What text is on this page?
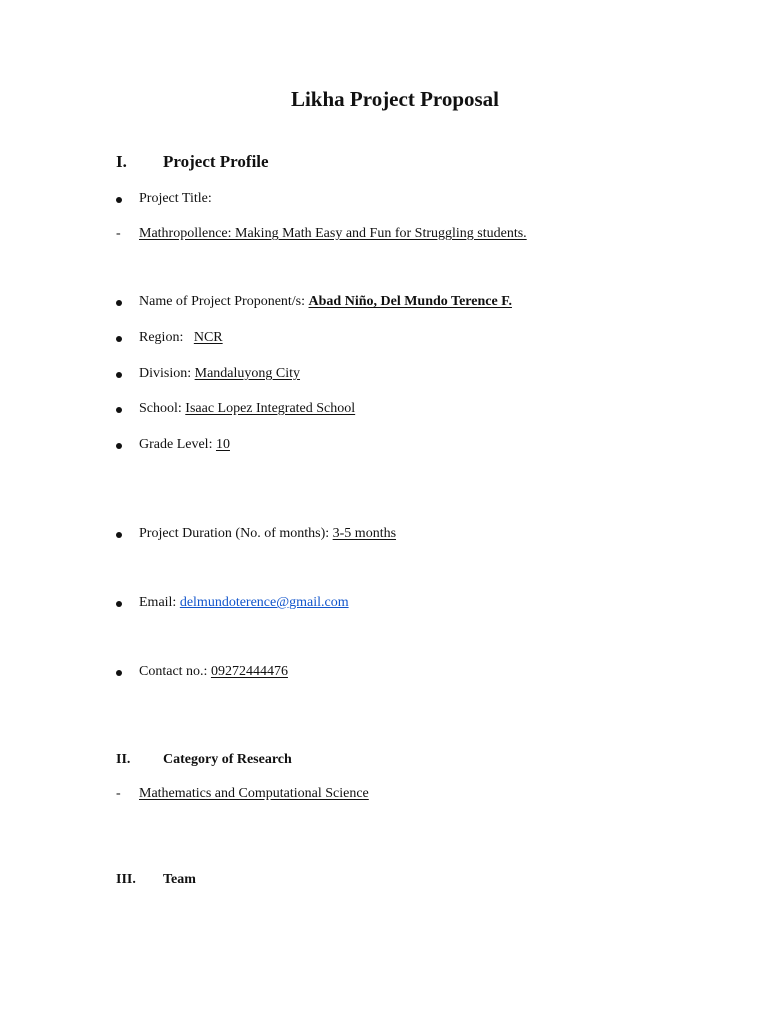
Likha Project Proposal
I. Project Profile
Project Title:
- Mathropollence: Making Math Easy and Fun for Struggling students.
Name of Project Proponent/s: Abad Niño, Del Mundo Terence F.
Region: NCR
Division: Mandaluyong City
School: Isaac Lopez Integrated School
Grade Level: 10
Project Duration (No. of months): 3-5 months
Email: delmundoterence@gmail.com
Contact no.: 09272444476
II. Category of Research
- Mathematics and Computational Science
III. Team
